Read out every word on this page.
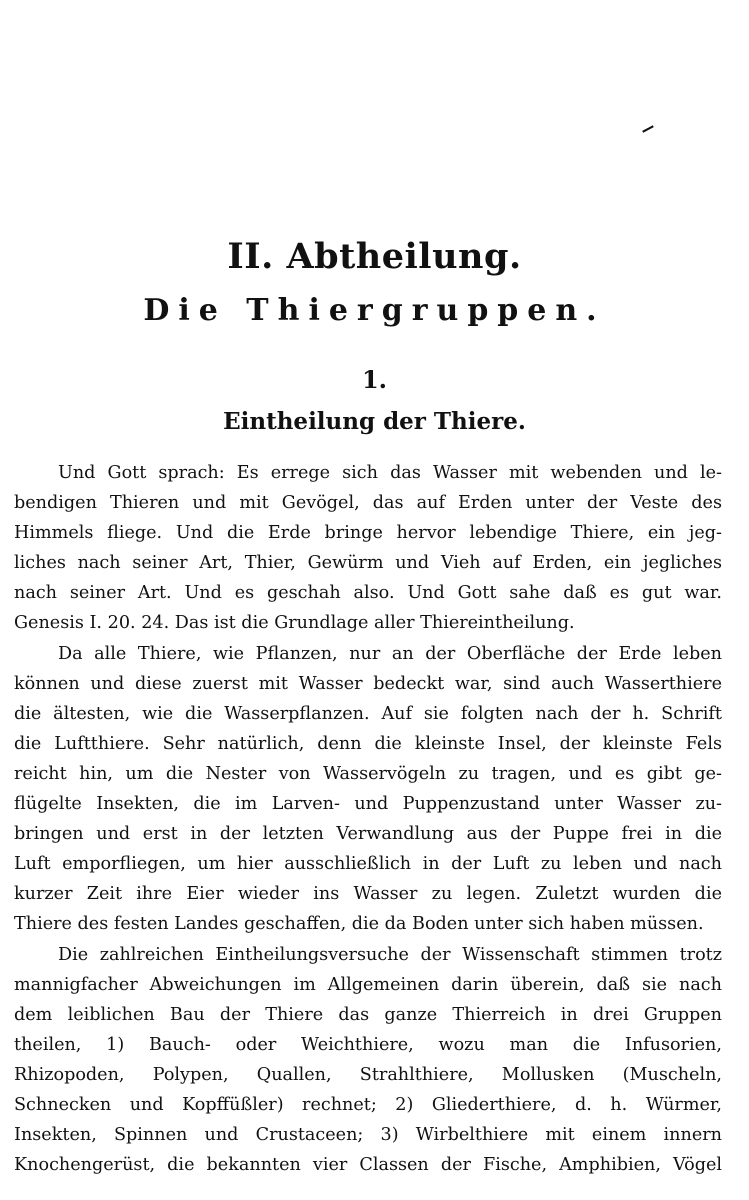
II. Abtheilung.
Die Thiergruppen.
1.
Eintheilung der Thiere.
Und Gott sprach: Es errege sich das Wasser mit webenden und le-
bendigen Thieren und mit Gevögel, das auf Erden unter der Veste des
Himmels fliege. Und die Erde bringe hervor lebendige Thiere, ein jeg-
liches nach seiner Art, Thier, Gewürm und Vieh auf Erden, ein jegliches
nach seiner Art. Und es geschah also. Und Gott sahe daß es gut war.
Genesis I. 20. 24. Das ist die Grundlage aller Thiereintheilung.
Da alle Thiere, wie Pflanzen, nur an der Oberfläche der Erde leben
können und diese zuerst mit Wasser bedeckt war, sind auch Wasserthiere
die ältesten, wie die Wasserpflanzen. Auf sie folgten nach der h. Schrift
die Luftthiere. Sehr natürlich, denn die kleinste Insel, der kleinste Fels
reicht hin, um die Nester von Wasservögeln zu tragen, und es gibt ge-
flügelte Insekten, die im Larven- und Puppenzustand unter Wasser zu-
bringen und erst in der letzten Verwandlung aus der Puppe frei in die
Luft emporfliegen, um hier ausschließlich in der Luft zu leben und nach
kurzer Zeit ihre Eier wieder ins Wasser zu legen. Zuletzt wurden die
Thiere des festen Landes geschaffen, die da Boden unter sich haben müssen.
Die zahlreichen Eintheilungsversuche der Wissenschaft stimmen trotz
mannigfacher Abweichungen im Allgemeinen darin überein, daß sie nach
dem leiblichen Bau der Thiere das ganze Thierreich in drei Gruppen
theilen, 1) Bauch- oder Weichthiere, wozu man die Infusorien,
Rhizopoden, Polypen, Quallen, Strahlthiere, Mollusken (Muscheln,
Schnecken und Kopffüßler) rechnet; 2) Gliederthiere, d. h. Würmer,
Insekten, Spinnen und Crustaceen; 3) Wirbelthiere mit einem innern
Knochengerüst, die bekannten vier Classen der Fische, Amphibien, Vögel
